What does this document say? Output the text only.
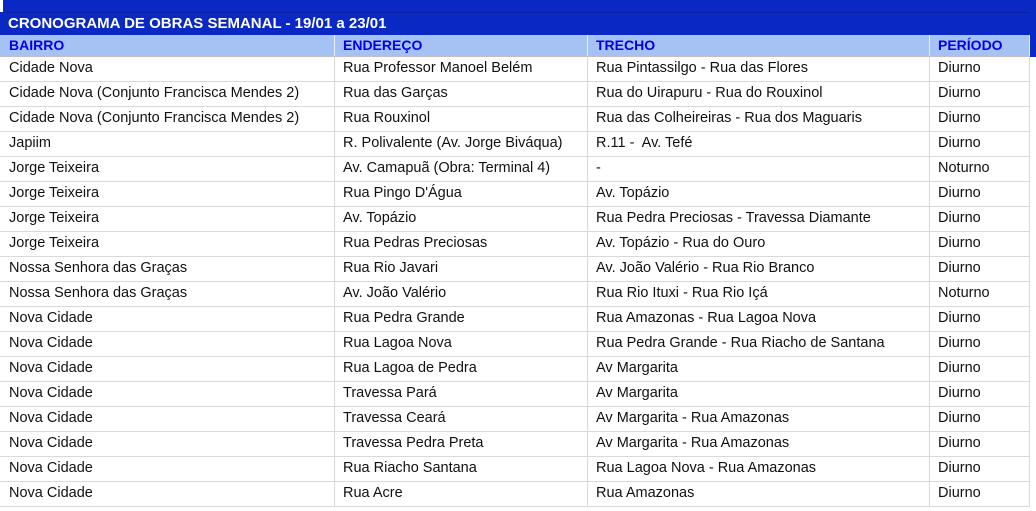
CRONOGRAMA DE OBRAS SEMANAL - 19/01 a 23/01
BAIRRO	ENDEREÇO	TRECHO	PERÍODO
Cidade Nova	Rua Professor Manoel Belém	Rua Pintassilgo - Rua das Flores	Diurno
Cidade Nova (Conjunto Francisca Mendes 2)	Rua das Garças	Rua do Uirapuru - Rua do Rouxinol	Diurno
Cidade Nova (Conjunto Francisca Mendes 2)	Rua Rouxinol	Rua das Colheireiras - Rua dos Maguaris	Diurno
Japiim	R. Polivalente (Av. Jorge Biváqua)	R.11 -  Av. Tefé	Diurno
Jorge Teixeira	Av. Camapuã (Obra: Terminal 4)	-	Noturno
Jorge Teixeira	Rua Pingo D'Água	Av. Topázio	Diurno
Jorge Teixeira	Av. Topázio	Rua Pedra Preciosas - Travessa Diamante	Diurno
Jorge Teixeira	Rua Pedras Preciosas	Av. Topázio - Rua do Ouro	Diurno
Nossa Senhora das Graças	Rua Rio Javari	Av. João Valério - Rua Rio Branco	Diurno
Nossa Senhora das Graças	Av. João Valério	Rua Rio Ituxi - Rua Rio Içá	Noturno
Nova Cidade	Rua Pedra Grande	Rua Amazonas - Rua Lagoa Nova	Diurno
Nova Cidade	Rua Lagoa Nova	Rua Pedra Grande - Rua Riacho de Santana	Diurno
Nova Cidade	Rua Lagoa de Pedra	Av Margarita	Diurno
Nova Cidade	Travessa Pará	Av Margarita	Diurno
Nova Cidade	Travessa Ceará	Av Margarita - Rua Amazonas	Diurno
Nova Cidade	Travessa Pedra Preta	Av Margarita - Rua Amazonas	Diurno
Nova Cidade	Rua Riacho Santana	Rua Lagoa Nova - Rua Amazonas	Diurno
Nova Cidade	Rua Acre	Rua Amazonas	Diurno
